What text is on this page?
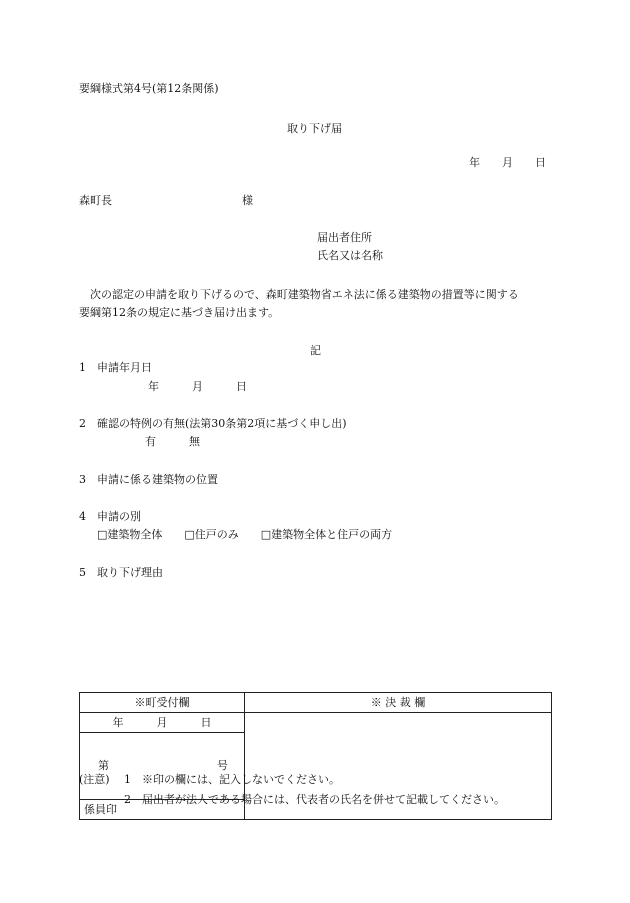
要綱様式第4号(第12条関係)
取り下げ届
年　　月　　日
森町長	様
届出者住所
氏名又は名称
　次の認定の申請を取り下げるので、森町建築物省エネ法に係る建築物の措置等に関する
要綱第12条の規定に基づき届け出ます。
記
1　申請年月日
年　　　月　　　日
2　確認の特例の有無(法第30条第2項に基づく申し出)
有　　　無
3　申請に係る建築物の位置
4　申請の別
□建築物全体　　□住戸のみ　　□建築物全体と住戸の両方
5　取り下げ理由
※町受付欄	※ 決 裁 欄
年　　　月　　　日	

第 号	

係員印	
(注意) 1　※印の欄には、記入しないでください。
2　届出者が法人である場合には、代表者の氏名を併せて記載してください。
